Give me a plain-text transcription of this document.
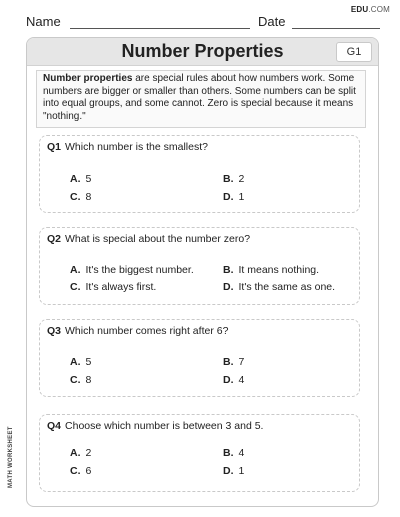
EDU.COM
Name	Date
Number Properties	G1
Number properties are special rules about how numbers work. Some numbers are bigger or smaller than others. Some numbers can be split into equal groups, and some cannot. Zero is special because it means "nothing."
Q1 Which number is the smallest?
A. 5	B. 2
C. 8	D. 1
Q2 What is special about the number zero?
A. It's the biggest number.	B. It means nothing.
C. It's always first.	D. It's the same as one.
Q3 Which number comes right after 6?
A. 5	B. 7
C. 8	D. 4
Q4 Choose which number is between 3 and 5.
A. 2	B. 4
C. 6	D. 1
MATH WORKSHEET
